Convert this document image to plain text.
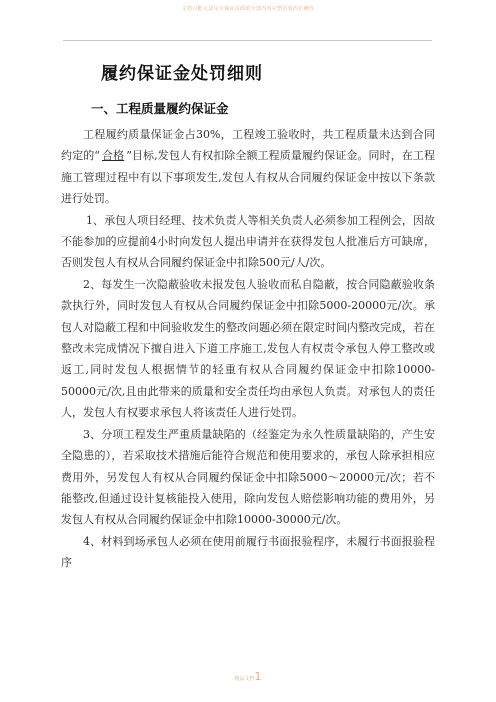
文档可能无法完全保证页面的全部内容完整有效的正确性
履约保证金处罚细则
一、工程质量履约保证金

工程履约质量保证金占30%，工程竣工验收时，共工程质量未达到合同约定的“ 合格 ”目标,发包人有权扣除全额工程质量履约保证金。同时，在工程施工管理过程中有以下事项发生,发包人有权从合同履约保证金中按以下条款进行处罚。

1、承包人项目经理、技术负责人等相关负责人必须参加工程例会，因故不能参加的应提前4小时向发包人提出申请并在获得发包人批准后方可缺席，否则发包人有权从合同履约保证金中扣除500元/人/次。

2、每发生一次隐蔽验收未报发包人验收而私自隐蔽，按合同隐蔽验收条款执行外，同时发包人有权从合同履约保证金中扣除5000-20000元/次。承包人对隐蔽工程和中间验收发生的整改问题必须在限定时间内整改完成，若在整改未完成情况下擅自进入下道工序施工,发包人有权责令承包人停工整改或返工,同时发包人根据情节的轻重有权从合同履约保证金中扣除10000-50000元/次,且由此带来的质量和安全责任均由承包人负责。对承包人的责任人，发包人有权要求承包人将该责任人进行处罚。

3、分项工程发生严重质量缺陷的（经鉴定为永久性质量缺陷的，产生安全隐患的），若采取技术措施后能符合规范和使用要求的，承包人除承担相应费用外，另发包人有权从合同履约保证金中扣除5000～20000元/次；若不能整改,但通过设计复核能投入使用，除向发包人赔偿影响功能的费用外，另发包人有权从合同履约保证金中扣除10000-30000元/次。

4、材料到场承包人必须在使用前履行书面报验程序，未履行书面报验程序

精品文档1
